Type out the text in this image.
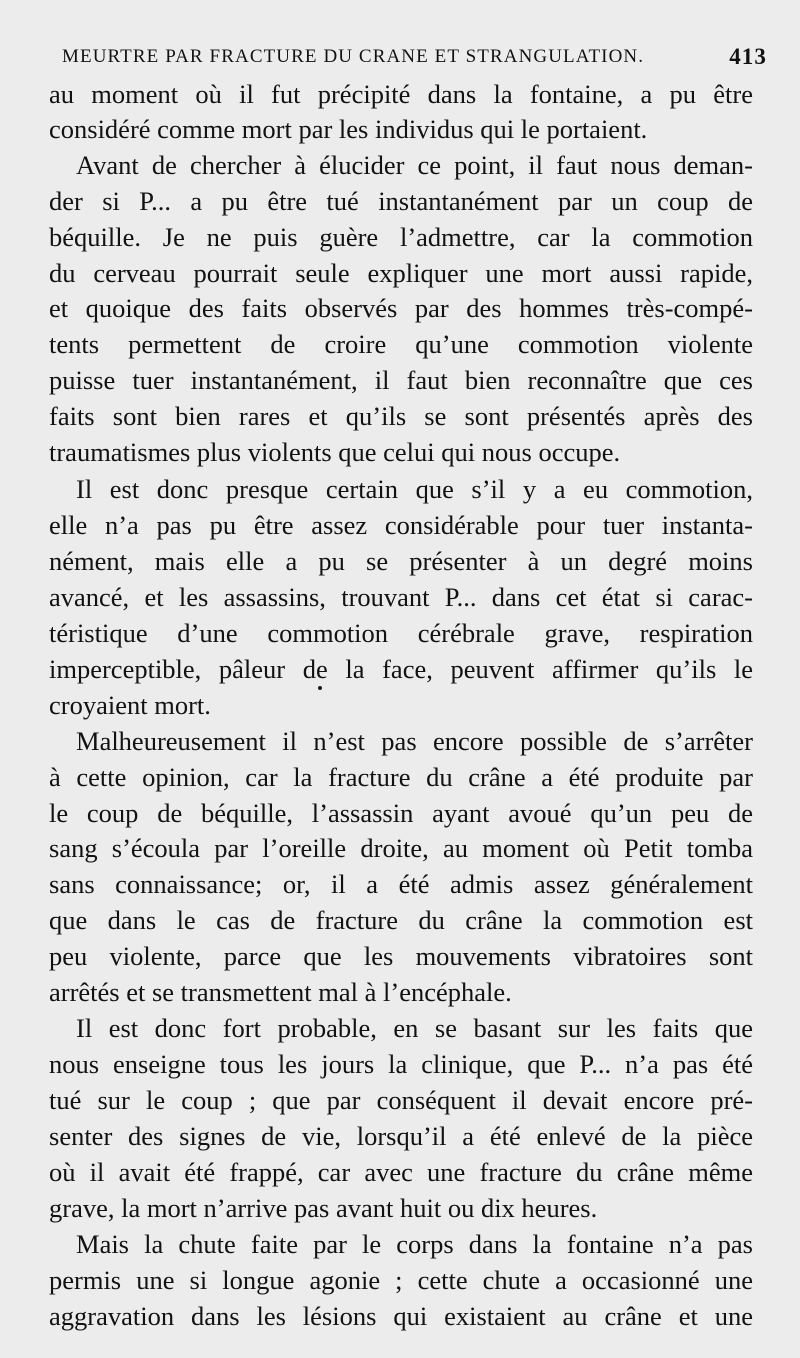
MEURTRE PAR FRACTURE DU CRANE ET STRANGULATION.	413
au moment où il fut précipité dans la fontaine, a pu être
considéré comme mort par les individus qui le portaient.
Avant de chercher à élucider ce point, il faut nous deman-
der si P... a pu être tué instantanément par un coup de
béquille. Je ne puis guère l’admettre, car la commotion
du cerveau pourrait seule expliquer une mort aussi rapide,
et quoique des faits observés par des hommes très-compé-
tents permettent de croire qu’une commotion violente
puisse tuer instantanément, il faut bien reconnaître que ces
faits sont bien rares et qu’ils se sont présentés après des
traumatismes plus violents que celui qui nous occupe.
Il est donc presque certain que s’il y a eu commotion,
elle n’a pas pu être assez considérable pour tuer instanta-
nément, mais elle a pu se présenter à un degré moins
avancé, et les assassins, trouvant P... dans cet état si carac-
téristique d’une commotion cérébrale grave, respiration
imperceptible, pâleur de la face, peuvent affirmer qu’ils le
croyaient mort.
Malheureusement il n’est pas encore possible de s’arrêter
à cette opinion, car la fracture du crâne a été produite par
le coup de béquille, l’assassin ayant avoué qu’un peu de
sang s’écoula par l’oreille droite, au moment où Petit tomba
sans connaissance; or, il a été admis assez généralement
que dans le cas de fracture du crâne la commotion est
peu violente, parce que les mouvements vibratoires sont
arrêtés et se transmettent mal à l’encéphale.
Il est donc fort probable, en se basant sur les faits que
nous enseigne tous les jours la clinique, que P... n’a pas été
tué sur le coup ; que par conséquent il devait encore pré-
senter des signes de vie, lorsqu’il a été enlevé de la pièce
où il avait été frappé, car avec une fracture du crâne même
grave, la mort n’arrive pas avant huit ou dix heures.
Mais la chute faite par le corps dans la fontaine n’a pas
permis une si longue agonie ; cette chute a occasionné une
aggravation dans les lésions qui existaient au crâne et une
